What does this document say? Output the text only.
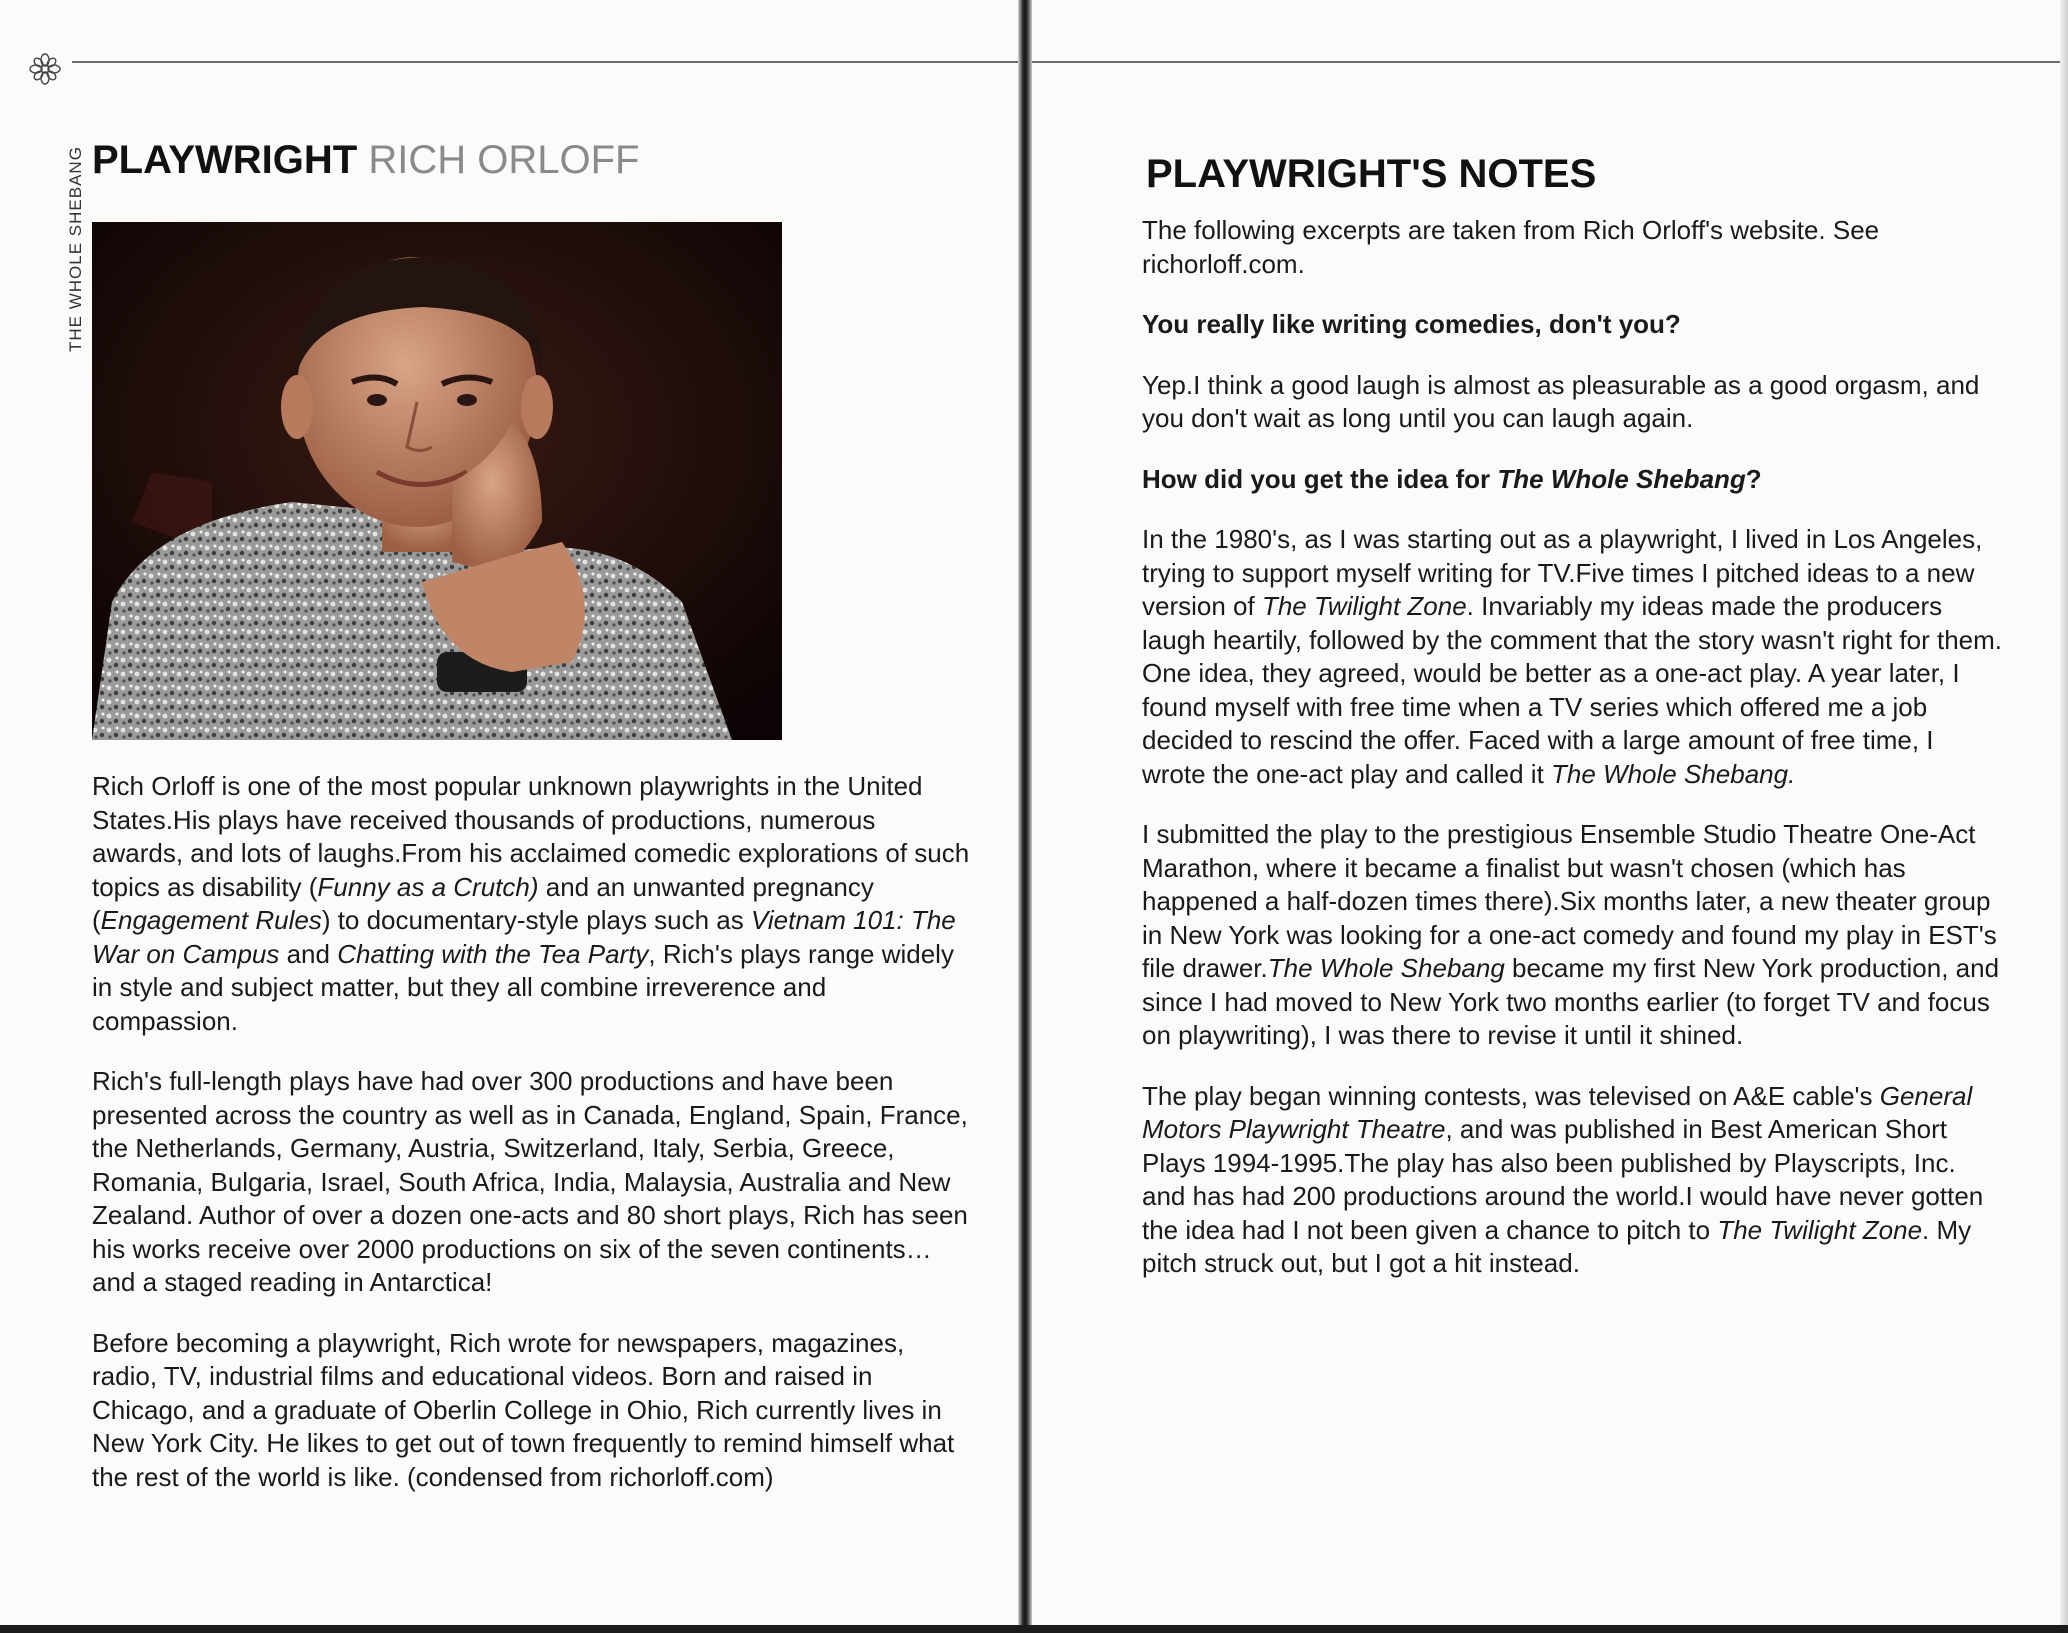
THE WHOLE SHEBANG PLAYWRIGHT RICH ORLOFF

Rich Orloff is one of the most popular unknown playwrights in the United States.His plays have received thousands of productions, numerous awards, and lots of laughs.From his acclaimed comedic explorations of such topics as disability (Funny as a Crutch) and an unwanted pregnancy (Engagement Rules) to documentary-style plays such as Vietnam 101: The War on Campus and Chatting with the Tea Party, Rich's plays range widely in style and subject matter, but they all combine irreverence and compassion.

Rich's full-length plays have had over 300 productions and have been presented across the country as well as in Canada, England, Spain, France, the Netherlands, Germany, Austria, Switzerland, Italy, Serbia, Greece, Romania, Bulgaria, Israel, South Africa, India, Malaysia, Australia and New Zealand. Author of over a dozen one-acts and 80 short plays, Rich has seen his works receive over 2000 productions on six of the seven continents… and a staged reading in Antarctica!

Before becoming a playwright, Rich wrote for newspapers, magazines, radio, TV, industrial films and educational videos. Born and raised in Chicago, and a graduate of Oberlin College in Ohio, Rich currently lives in New York City. He likes to get out of town frequently to remind himself what the rest of the world is like. (condensed from richorloff.com)

PLAYWRIGHT'S NOTES

The following excerpts are taken from Rich Orloff's website. See richorloff.com.

You really like writing comedies, don't you?

Yep.I think a good laugh is almost as pleasurable as a good orgasm, and you don't wait as long until you can laugh again.

How did you get the idea for The Whole Shebang?

In the 1980's, as I was starting out as a playwright, I lived in Los Angeles, trying to support myself writing for TV.Five times I pitched ideas to a new version of The Twilight Zone. Invariably my ideas made the producers laugh heartily, followed by the comment that the story wasn't right for them. One idea, they agreed, would be better as a one-act play. A year later, I found myself with free time when a TV series which offered me a job decided to rescind the offer. Faced with a large amount of free time, I wrote the one-act play and called it The Whole Shebang.

I submitted the play to the prestigious Ensemble Studio Theatre One-Act Marathon, where it became a finalist but wasn't chosen (which has happened a half-dozen times there).Six months later, a new theater group in New York was looking for a one-act comedy and found my play in EST's file drawer.The Whole Shebang became my first New York production, and since I had moved to New York two months earlier (to forget TV and focus on playwriting), I was there to revise it until it shined.

The play began winning contests, was televised on A&E cable's General Motors Playwright Theatre, and was published in Best American Short Plays 1994-1995.The play has also been published by Playscripts, Inc. and has had 200 productions around the world.I would have never gotten the idea had I not been given a chance to pitch to The Twilight Zone. My pitch struck out, but I got a hit instead.
